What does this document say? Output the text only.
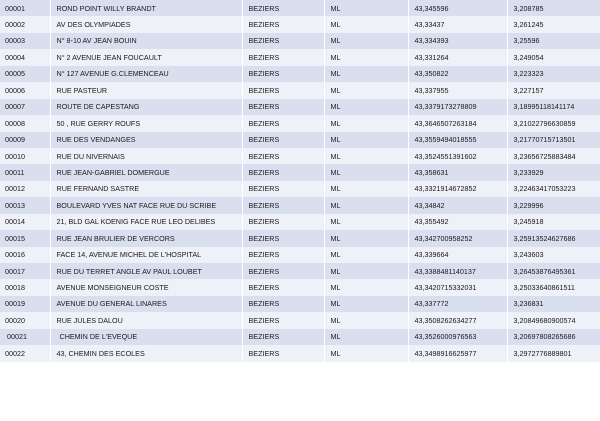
00001	ROND POINT WILLY BRANDT	BEZIERS	ML	43,345596	3,208785
00002	AV DES OLYMPIADES	BEZIERS	ML	43,33437	3,261245
00003	N° 8-10 AV JEAN BOUIN	BEZIERS	ML	43,334393	3,25596
00004	N° 2 AVENUE JEAN FOUCAULT	BEZIERS	ML	43,331264	3,249054
00005	N° 127 AVENUE G.CLEMENCEAU	BEZIERS	ML	43,350822	3,223323
00006	RUE PASTEUR	BEZIERS	ML	43,337955	3,227157
00007	ROUTE DE CAPESTANG	BEZIERS	ML	43,3379173278809	3,18995118141174
00008	50 , RUE GERRY ROUFS	BEZIERS	ML	43,3646507263184	3,21022796630859
00009	RUE DES VENDANGES	BEZIERS	ML	43,3559494018555	3,21770715713501
00010	RUE DU NIVERNAIS	BEZIERS	ML	43,3524551391602	3,23656725883484
00011	RUE JEAN-GABRIEL DOMERGUE	BEZIERS	ML	43,358631	3,233929
00012	RUE FERNAND SASTRE	BEZIERS	ML	43,3321914672852	3,22463417053223
00013	BOULEVARD YVES NAT FACE RUE DU SCRIBE	BEZIERS	ML	43,34842	3,229996
00014	21, BLD GAL KOENIG FACE RUE LEO DELIBES	BEZIERS	ML	43,355492	3,245918
00015	RUE JEAN BRULIER DE VERCORS	BEZIERS	ML	43,342700958252	3,25913524627686
00016	FACE 14, AVENUE MICHEL DE L'HOSPITAL	BEZIERS	ML	43,339664	3,243603
00017	RUE DU TERRET ANGLE AV PAUL LOUBET	BEZIERS	ML	43,3388481140137	3,26453876495361
00018	AVENUE MONSEIGNEUR COSTE	BEZIERS	ML	43,3420715332031	3,25033640861511
00019	AVENUE DU GENERAL LINARES	BEZIERS	ML	43,337772	3,236831
00020	RUE JULES DALOU	BEZIERS	ML	43,3508262634277	3,20849680900574
00021	CHEMIN DE L'EVEQUE	BEZIERS	ML	43,3526000976563	3,20697808265686
00022	43, CHEMIN DES ECOLES	BEZIERS	ML	43,3498916625977	3,2972776889801
